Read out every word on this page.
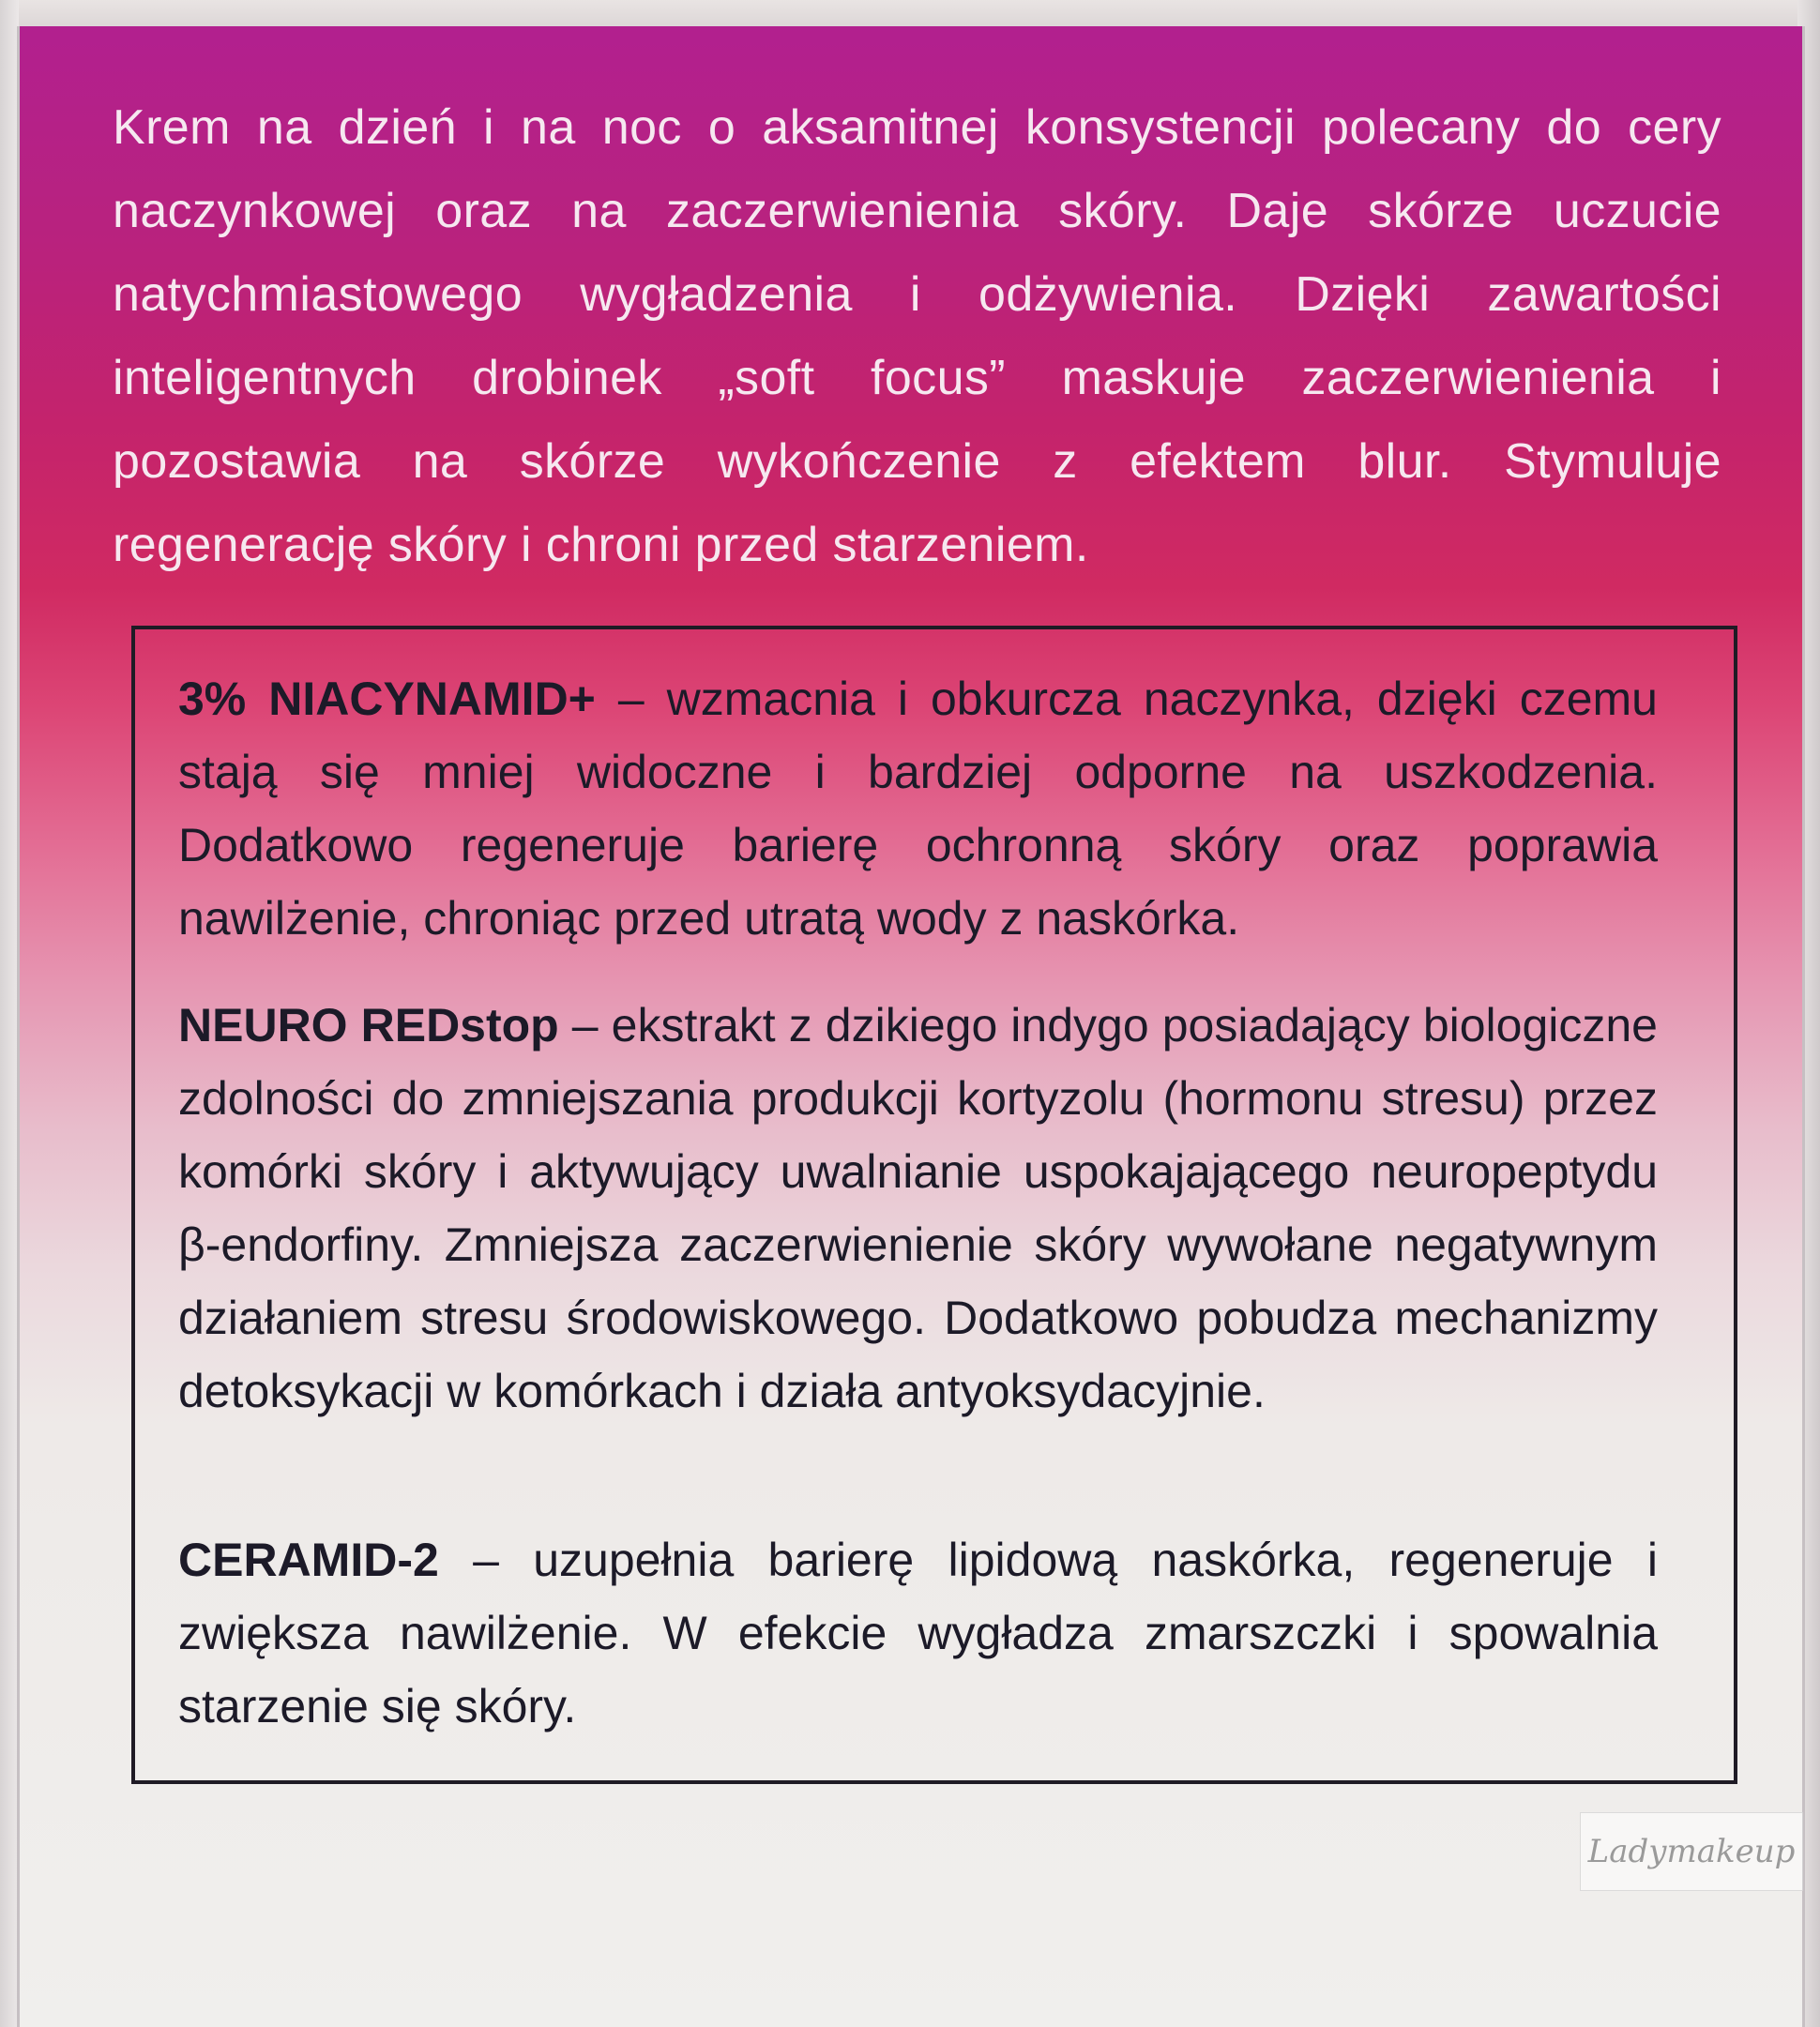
Krem na dzień i na noc o aksamitnej konsystencji polecany do cery naczynkowej oraz na zaczerwienienia skóry. Daje skórze uczucie natychmiastowego wygładzenia i odżywienia. Dzięki zawartości inteligentnych drobinek „soft focus” maskuje zaczerwienienia i pozostawia na skórze wykończenie z efektem blur. Stymuluje regenerację skóry i chroni przed starzeniem.

3% NIACYNAMID+ – wzmacnia i obkurcza naczynka, dzięki czemu stają się mniej widoczne i bardziej odporne na uszkodzenia. Dodatkowo regeneruje barierę ochronną skóry oraz poprawia nawilżenie, chroniąc przed utratą wody z naskórka.

NEURO REDstop – ekstrakt z dzikiego indygo posiadający biologiczne zdolności do zmniejszania produkcji kortyzolu (hormonu stresu) przez komórki skóry i aktywujący uwalnianie uspokajającego neuropeptydu β-endorfiny. Zmniejsza zaczerwienienie skóry wywołane negatywnym działaniem stresu środowiskowego. Dodatkowo pobudza mechanizmy detoksykacji w komórkach i działa antyoksydacyjnie.

CERAMID-2 – uzupełnia barierę lipidową naskórka, regeneruje i zwiększa nawilżenie. W efekcie wygładza zmarszczki i spowalnia starzenie się skóry.

Ladymakeup
